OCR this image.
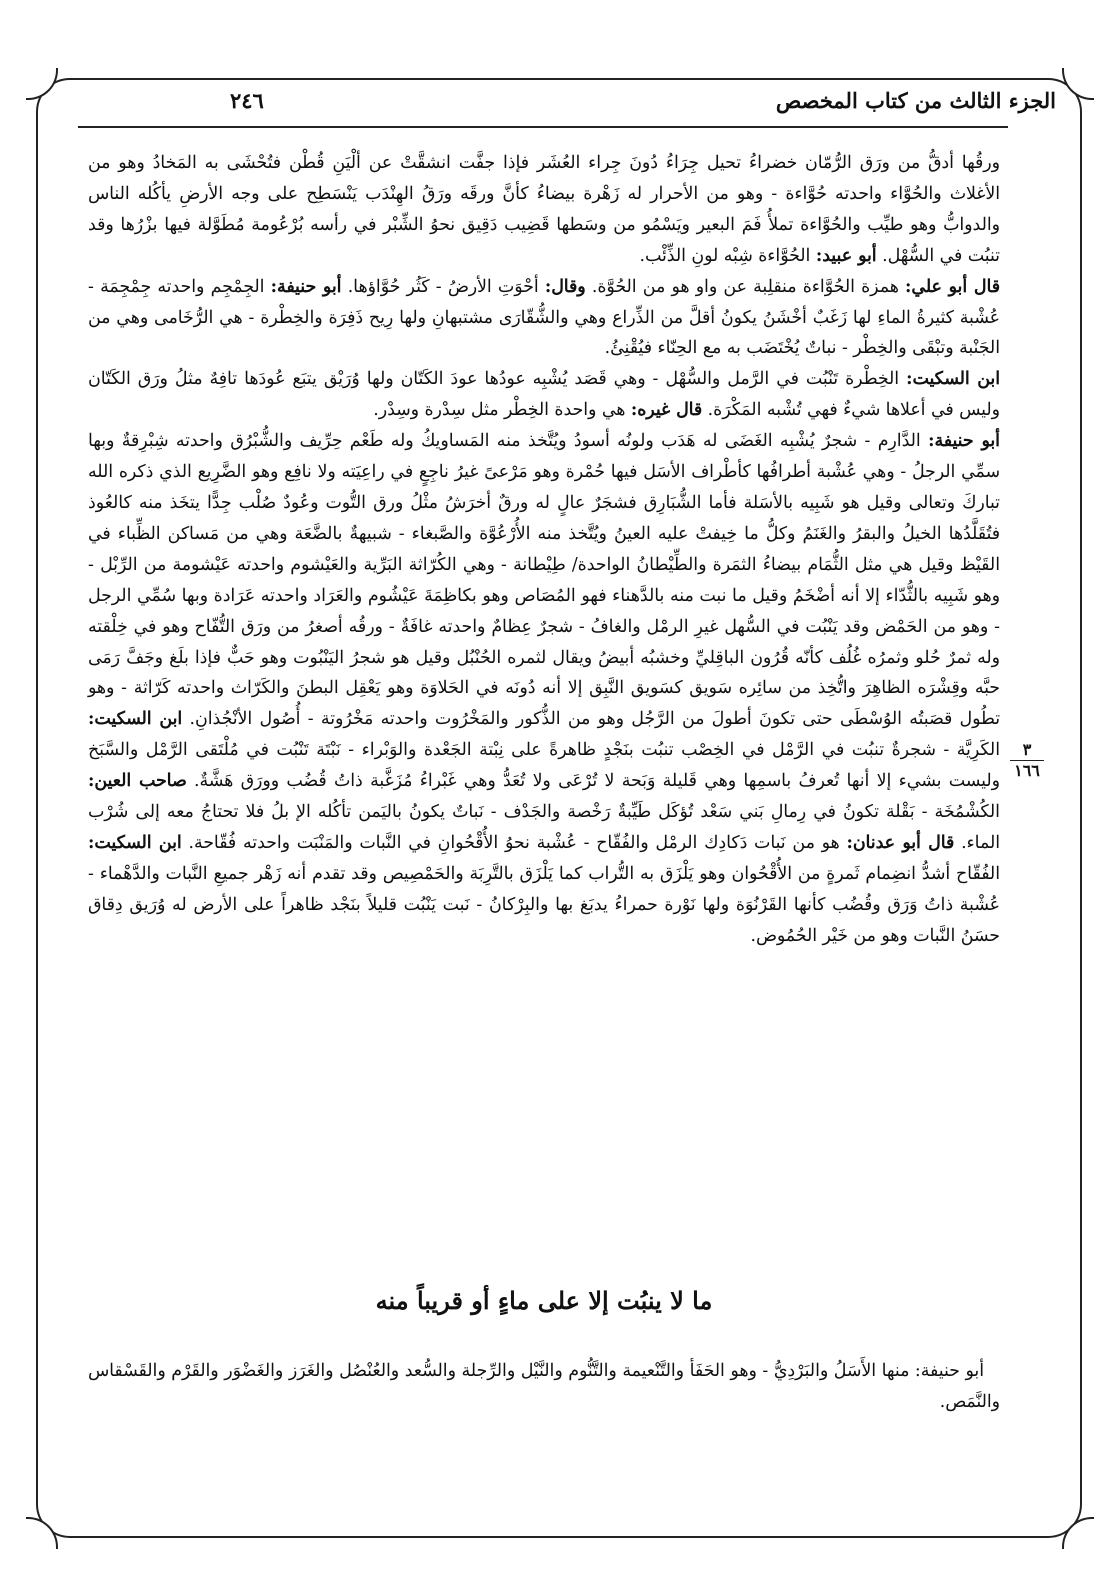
الجزء الثالث من كتاب المخصص
٢٤٦
ورقُها أدقُّ من ورَق الرُّمّان خضراءُ تحيل جِرَاءُ دُونَ جِراء العُشَر فإذا جفَّت انشقَّتْ عن ألْيَنِ قُطْن فتُحْشَى به المَخادُ وهو من الأغلاث والحُوَّاء واحدته حُوَّاءة - وهو من الأحرار له زَهْرة بيضاءُ كأنَّ ورقَه ورَقُ الهِنْدَب يَنْسَطِح على وجه الأرضِ يأكُله الناس والدوابُّ وهو طيِّب والحُوَّاءة تملأُ فَمَ البعير ويَسْمُو من وسَطها قَضِيب دَقِيق نحوُ الشِّبْر في رأسه بُرْعُومة مُطَوَّلة فيها بزْرُها وقد تنبُت في السُّهْل. أبو عبيد: الحُوَّاءة شِبْه لونِ الذِّئْب.
قال أبو علي: همزة الحُوَّاءة منقلِبة عن واو هو من الحُوَّة. وقال: أحْوَتِ الأرضُ - كَثُر حُوَّاؤها. أبو حنيفة: الجِمْجِم واحدته جِمْجِمَة - عُشْبة كثيرةُ الماءِ لها زَغَبٌ أخْشَنُ يكونُ أقلَّ من الذِّراع وهي والشُّقّارَى مشتبهانِ ولها رِيح ذَفِرَة والخِطْرة - هي الرُّخَامى وهي من الجَنْبة وتبْقَى والخِطْر - نباتٌ يُخْتَضَب به مع الحِنّاء فيُقْنِئُ.
ابن السكيت: الخِطْرة تَنْبُت في الرَّمل والسُّهْل - وهي قَصَد يُشْبِه عودُها عودَ الكَتّان ولها وُرَيْق يتبَع عُودَها تافِهٌ مثلُ ورَق الكَتّان وليس في أعلاها شيءٌ فهي تُشْبه المَكْرَة. قال غيره: هي واحدة الخِطْر مثل سِدْرة وسِدْر.
أبو حنيفة: الدَّارِم - شجرٌ يُشْبِه الغَضَى له هَدَب ولونُه أسودُ ويُتَّخذ منه المَساويكُ وله طَعْم حِرِّيف والشُّبْرُق واحدته شِبْرِقةٌ وبها سمِّي الرجلُ - وهي عُشْبة أطرافُها كأطْراف الأسَل فيها حُمْرة وهو مَرْعىً غيرُ ناجِعٍ في راعِيَته ولا نافِع وهو الضَّرِيع الذي ذكره الله تباركَ وتعالى وقيل هو شَبِيه بالأسَلة فأما الشُّبَارِق فشجَرٌ عالٍ له ورقٌ أخرَشُ مثْلُ ورق التُّوت وعُودٌ صُلْب جِدًّا يتخَذ منه كالعُوذ فتُقَلَّدُها الخيلُ والبقرُ والغَنَمُ وكلُّ ما خِيفتْ عليه العينُ ويُتَّخذ منه الأُرْعُوَّة والصَّبغاء - شبيهةٌ بالضَّعَة وهي من مَساكن الظِّباء في القَيْظ وقيل هي مثل الثُّمَام بيضاءُ الثمَرة والطِّيْطانُ الواحدة/ طِيْطانة - وهي الكُرّاثة البَرِّية والعَيْشوم واحدته عَيْشومة من الرِّبْل - وهو شَبِيه بالثُّدّاء إلا أنه أضْخَمُ وقيل ما نبت منه بالدَّهناء فهو المُصَاص وهو بكاظِمَةَ عَيْشُوم والعَرَاد واحدته عَرَادة وبها سُمِّي الرجل - وهو من الحَمْض وقد يَنْبُت في السُّهل غيرِ الرمْل والغافُ - شجرٌ عِظامٌ واحدته غافَةٌ - ورقُه أصغرُ من ورَق التُّفّاح وهو في خِلْقته وله ثمرٌ حُلو وثمرُه غُلُف كأنّه قُرُون الباقِليِّ وخشبُه أبيضُ ويقال لثمره الحُنْبُل وقيل هو شجرُ اليَنْبُوت وهو حَبٌّ فإذا بلَغ وجَفَّ رَمَى حبَّه وقِشْرَه الظاهِرَ واتُّخِذ من سائِره سَويق كسَويق النَّبِق إلا أنه دُونَه في الحَلاوَة وهو يَعْقِل البطنَ والكَرّاث واحدته كَرّاثة - وهو تطُول قصَبتُه الوُسْطَى حتى تكونَ أطولَ من الرَّجُل وهو من الذُّكور والمَخْرُوت واحدته مَخْرُوتة - أُصُول الأنْجُذانِ. ابن السكيت: الكَرِيَّة - شجرةٌ تنبُت في الرَّمْل في الخِصْب تنبُت بنَجْدٍ ظاهرةً على نِبْتة الجَعْدة والوَبْراء - نَبْتَة تَنْبُت في مُلْتَقى الرَّمْل والسَّبَخ وليست بشيء إلا أنها تُعرفُ باسمِها وهي قَليلة وَبَحة لا تُرْعَى ولا تُعَدُّ وهي غَبْراءُ مُزَغَّبة ذاتُ قُضُب وورَق هَشَّةٌ. صاحب العين: الكُشْمُخَة - بَقْلة تكونُ في رِمالِ بَني سَعْد تُؤكَل طَيِّبةٌ رَخْصة والجَدْف - نَباتٌ يكونُ باليَمن تأكُله الإ بلُ فلا تحتاجُ معه إلى شُرْب الماء. قال أبو عدنان: هو من نَبات دَكادِك الرمْل والفُقّاح - عُشْبة نحوُ الأُقْحُوانِ في النَّبات والمَنْبَت واحدته فُقّاحة. ابن السكيت: الفُقّاح أشدُّ انضِمام ثَمرةٍ من الأُقْحُوان وهو يَلْزَق به التُّراب كما يَلْزَق بالتَّرِبَة والحَمْصِيص وقد تقدم أنه زَهْر جميعِ النَّبات والدَّهْماء - عُشْبة ذاتُ وَرَق وقُضُب كأنها القَرْنُوَة ولها نَوْرة حمراءُ يدبَغ بها والبِرْكانُ - نَبت يَنْبُت قليلاً بنَجْد ظاهراً على الأرض له وُرَيق دِقاق حسَنُ النَّبات وهو من خَيْر الحُمُوض.
٣
١٦٦
ما لا ينبُت إلا على ماءٍ أو قريباً منه
أبو حنيفة: منها الأَسَلُ والبَرْدِيُّ - وهو الحَفَأ والتَّنْعيمة والتَّنُّوم والنَّيْل والرِّجلة والسُّعد والعُنْصُل والغَرَز والغَضْوَر والقَرْم والقَسْقاس والنَّمَص.
